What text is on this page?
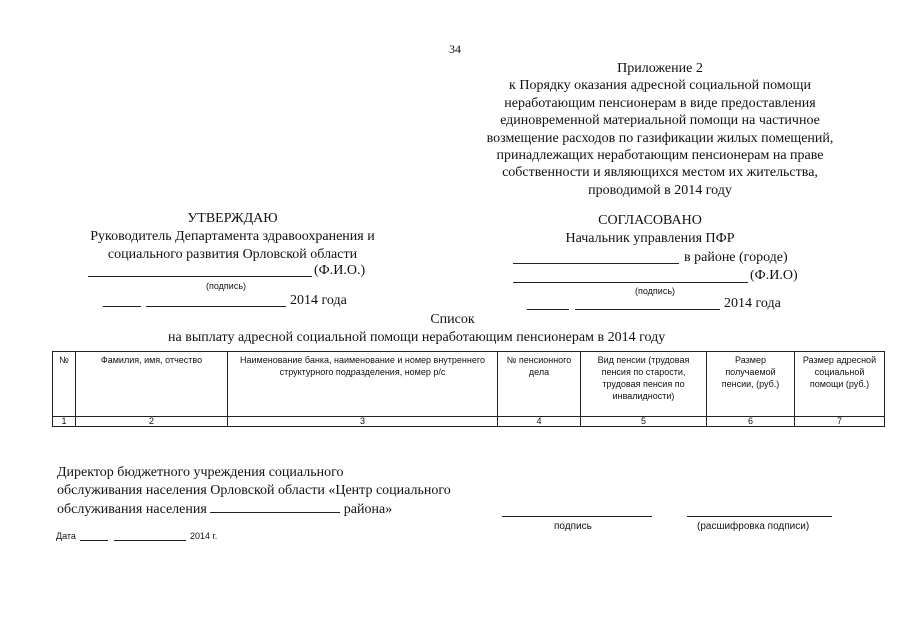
34
Приложение 2
к Порядку оказания адресной социальной помощи
неработающим пенсионерам в виде предоставления
единовременной материальной помощи на частичное
возмещение расходов по газификации жилых помещений,
принадлежащих неработающим пенсионерам на праве
собственности и являющихся местом их жительства,
проводимой в 2014 году
УТВЕРЖДАЮ
Руководитель Департамента здравоохранения и
социального развития Орловской области
(Ф.И.О.)
(подпись)
2014 года
СОГЛАСОВАНО
Начальник управления ПФР
в районе (городе)
(Ф.И.О)
(подпись)
2014 года
Список
на выплату адресной социальной помощи неработающим пенсионерам в 2014 году
№	Фамилия, имя, отчество	Наименование банка, наименование и номер внутреннего структурного подразделения, номер р/с	№ пенсионного дела	Вид пенсии (трудовая пенсия по старости, трудовая пенсия по инвалидности)	Размер получаемой пенсии, (руб.)	Размер адресной социальной помощи (руб.)
1	2	3	4	5	6	7
Директор бюджетного учреждения социального
обслуживания населения Орловской области «Центр социального
обслуживания населения	района»
подпись	(расшифровка подписи)
Дата	2014 г.
